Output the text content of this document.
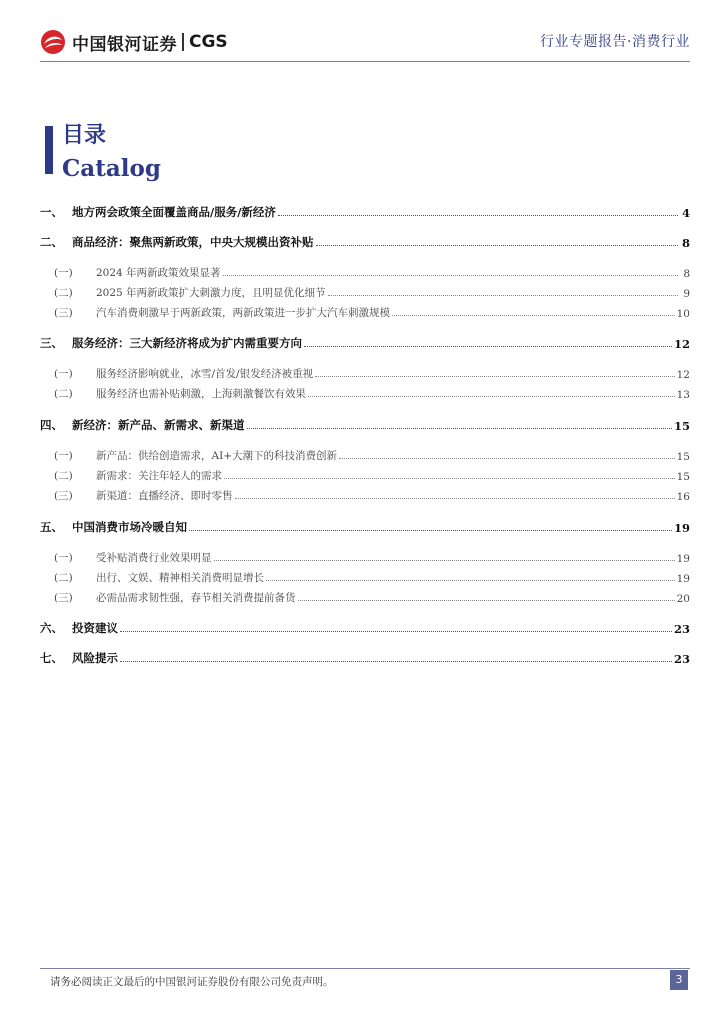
中国银河证券 CGS	行业专题报告·消费行业
目录
Catalog
一、 地方两会政策全面覆盖商品/服务/新经济	4
二、 商品经济：聚焦两新政策，中央大规模出资补贴	8
(一)	2024 年两新政策效果显著	8
(二)	2025 年两新政策扩大刺激力度，且明显优化细节	9
(三)	汽车消费刺激早于两新政策，两新政策进一步扩大汽车刺激规模	10
三、 服务经济：三大新经济将成为扩内需重要方向	12
(一)	服务经济影响就业，冰雪/首发/银发经济被重视	12
(二)	服务经济也需补贴刺激，上海刺激餐饮有效果	13
四、 新经济：新产品、新需求、新渠道	15
(一)	新产品：供给创造需求，AI+大潮下的科技消费创新	15
(二)	新需求：关注年轻人的需求	15
(三)	新渠道：直播经济、即时零售	16
五、 中国消费市场冷暖自知	19
(一)	受补贴消费行业效果明显	19
(二)	出行、文娱、精神相关消费明显增长	19
(三)	必需品需求韧性强，春节相关消费提前备货	20
六、 投资建议	23
七、 风险提示	23
请务必阅读正文最后的中国银河证券股份有限公司免责声明。	3
